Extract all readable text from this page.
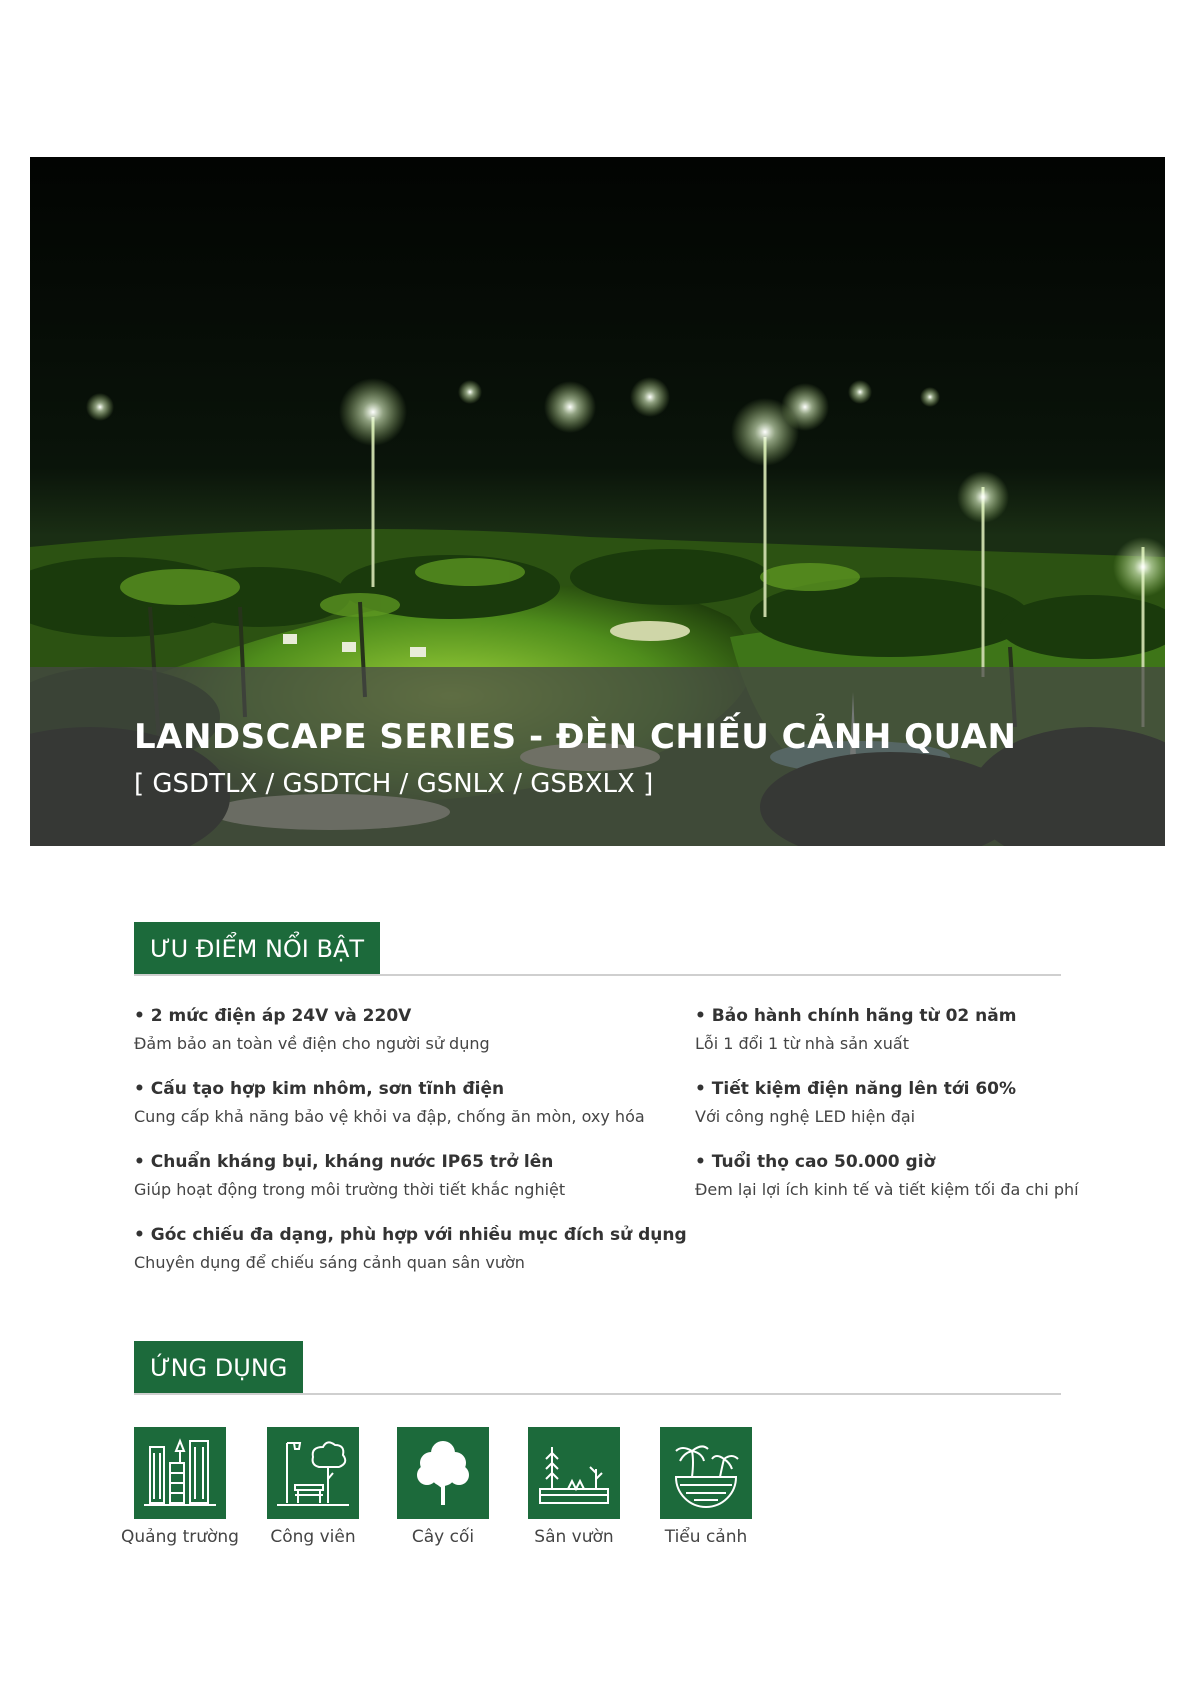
LANDSCAPE SERIES - ĐÈN CHIẾU CẢNH QUAN
[ GSDTLX / GSDTCH / GSNLX / GSBXLX ]
ƯU ĐIỂM NỔI BẬT
• 2 mức điện áp 24V và 220V
Đảm bảo an toàn về điện cho người sử dụng
• Cấu tạo hợp kim nhôm, sơn tĩnh điện
Cung cấp khả năng bảo vệ khỏi va đập, chống ăn mòn, oxy hóa
• Chuẩn kháng bụi, kháng nước IP65 trở lên
Giúp hoạt động trong môi trường thời tiết khắc nghiệt
• Góc chiếu đa dạng, phù hợp với nhiều mục đích sử dụng
Chuyên dụng để chiếu sáng cảnh quan sân vườn
• Bảo hành chính hãng từ 02 năm
Lỗi 1 đổi 1 từ nhà sản xuất
• Tiết kiệm điện năng lên tới 60%
Với công nghệ LED hiện đại
• Tuổi thọ cao 50.000 giờ
Đem lại lợi ích kinh tế và tiết kiệm tối đa chi phí
ỨNG DỤNG
Quảng trường	Công viên	Cây cối	Sân vườn	Tiểu cảnh
